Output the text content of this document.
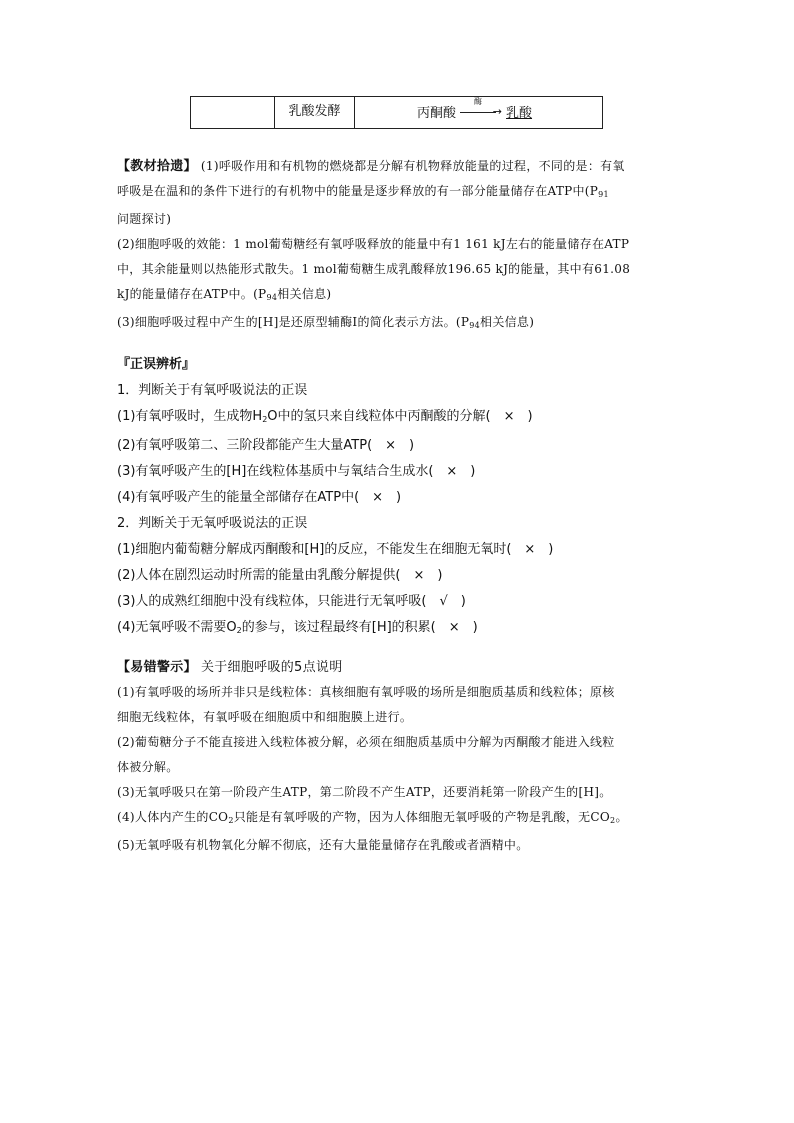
乳酸发酵	丙酮酸
酶
→ 乳酸
【教材拾遗】 (1)呼吸作用和有机物的燃烧都是分解有机物释放能量的过程，不同的是：有氧
呼吸是在温和的条件下进行的有机物中的能量是逐步释放的有一部分能量储存在ATP中($P_{91}$
问题探讨)
(2)细胞呼吸的效能：1 mol葡萄糖经有氧呼吸释放的能量中有1 161 kJ左右的能量储存在ATP
中，其余能量则以热能形式散失。1 mol葡萄糖生成乳酸释放196.65 kJ的能量，其中有61.08
kJ的能量储存在ATP中。($P_{94}$相关信息)
(3)细胞呼吸过程中产生的[H]是还原型辅酶Ⅰ的简化表示方法。($P_{94}$相关信息)
『正误辨析』
1．判断关于有氧呼吸说法的正误
(1)有氧呼吸时，生成物$H_2O$中的氢只来自线粒体中丙酮酸的分解(　×　)
(2)有氧呼吸第二、三阶段都能产生大量ATP(　×　)
(3)有氧呼吸产生的[H]在线粒体基质中与氧结合生成水(　×　)
(4)有氧呼吸产生的能量全部储存在ATP中(　×　)
2．判断关于无氧呼吸说法的正误
(1)细胞内葡萄糖分解成丙酮酸和[H]的反应，不能发生在细胞无氧时(　×　)
(2)人体在剧烈运动时所需的能量由乳酸分解提供(　×　)
(3)人的成熟红细胞中没有线粒体，只能进行无氧呼吸(　√　)
(4)无氧呼吸不需要$O_2$的参与，该过程最终有[H]的积累(　×　)
【易错警示】 关于细胞呼吸的5点说明
(1)有氧呼吸的场所并非只是线粒体：真核细胞有氧呼吸的场所是细胞质基质和线粒体；原核
细胞无线粒体，有氧呼吸在细胞质中和细胞膜上进行。
(2)葡萄糖分子不能直接进入线粒体被分解，必须在细胞质基质中分解为丙酮酸才能进入线粒
体被分解。
(3)无氧呼吸只在第一阶段产生ATP，第二阶段不产生ATP，还要消耗第一阶段产生的[H]。
(4)人体内产生的$CO_2$只能是有氧呼吸的产物，因为人体细胞无氧呼吸的产物是乳酸，无$CO_2$。
(5)无氧呼吸有机物氧化分解不彻底，还有大量能量储存在乳酸或者酒精中。
